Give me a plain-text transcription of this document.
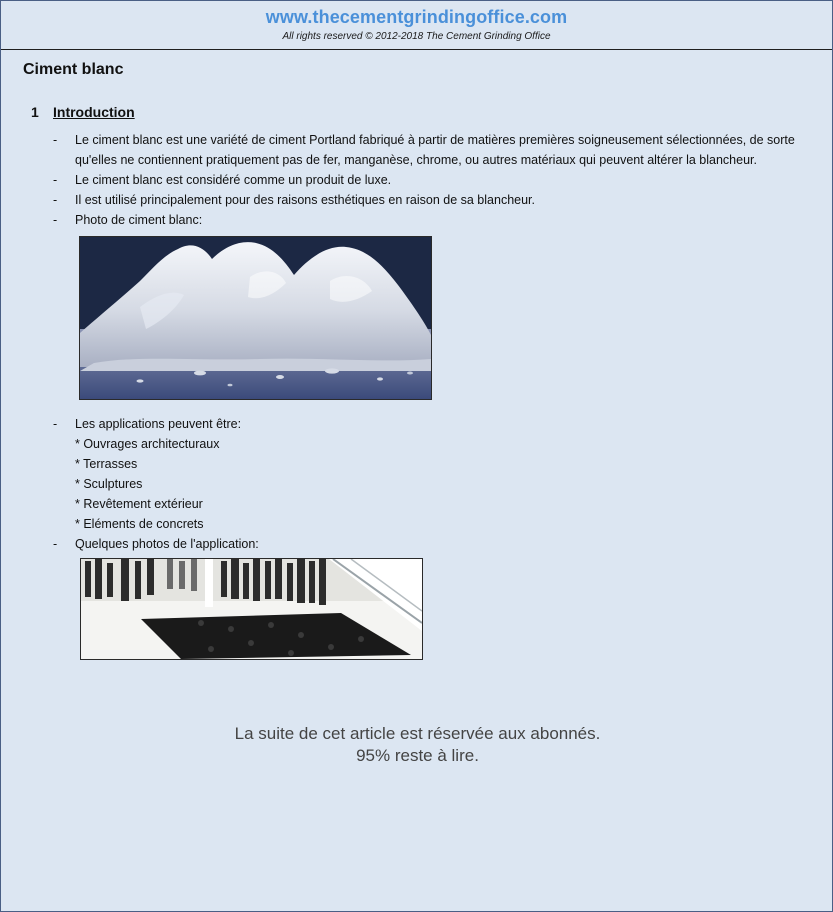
www.thecementgrindingoffice.com
All rights reserved © 2012-2018 The Cement Grinding Office
Ciment blanc
1 Introduction
- Le ciment blanc est une variété de ciment Portland fabriqué à partir de matières premières soigneusement sélectionnées, de sorte qu'elles ne contiennent pratiquement pas de fer, manganèse, chrome, ou autres matériaux qui peuvent altérer la blancheur.
- Le ciment blanc est considéré comme un produit de luxe.
- Il est utilisé principalement pour des raisons esthétiques en raison de sa blancheur.
- Photo de ciment blanc:
- Les applications peuvent être:
* Ouvrages architecturaux
* Terrasses
* Sculptures
* Revêtement extérieur
* Eléments de concrets
- Quelques photos de l'application:
La suite de cet article est réservée aux abonnés.
95% reste à lire.
